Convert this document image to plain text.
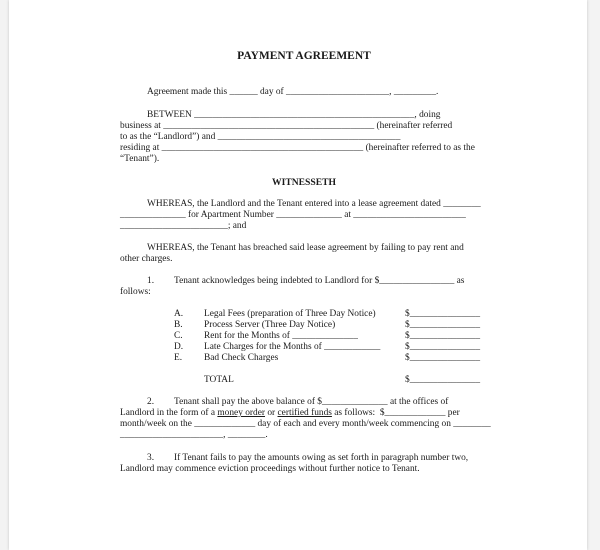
PAYMENT AGREEMENT
Agreement made this ______ day of ______________________, _________.
BETWEEN _______________________________________________, doing
business at _____________________________________________ (hereinafter referred
to as the “Landlord”) and _______________________________________
residing at ___________________________________________ (hereinafter referred to as the
“Tenant”).
WITNESSETH
WHEREAS, the Landlord and the Tenant entered into a lease agreement dated ________
______________ for Apartment Number ______________ at ________________________
_______________________; and
WHEREAS, the Tenant has breached said lease agreement by failing to pay rent and
other charges.
1. Tenant acknowledges being indebted to Landlord for $________________ as
follows:
A. Legal Fees (preparation of Three Day Notice)	$_______________
B. Process Server (Three Day Notice)	$_______________
C. Rent for the Months of ______________	$_______________
D. Late Charges for the Months of ____________	$_______________
E. Bad Check Charges	$_______________
TOTAL	$_______________
2. Tenant shall pay the above balance of $______________ at the offices of
Landlord in the form of a money order or certified funds as follows:  $_____________ per
month/week on the _____________ day of each and every month/week commencing on ________
______________________, ________.
3. If Tenant fails to pay the amounts owing as set forth in paragraph number two,
Landlord may commence eviction proceedings without further notice to Tenant.
